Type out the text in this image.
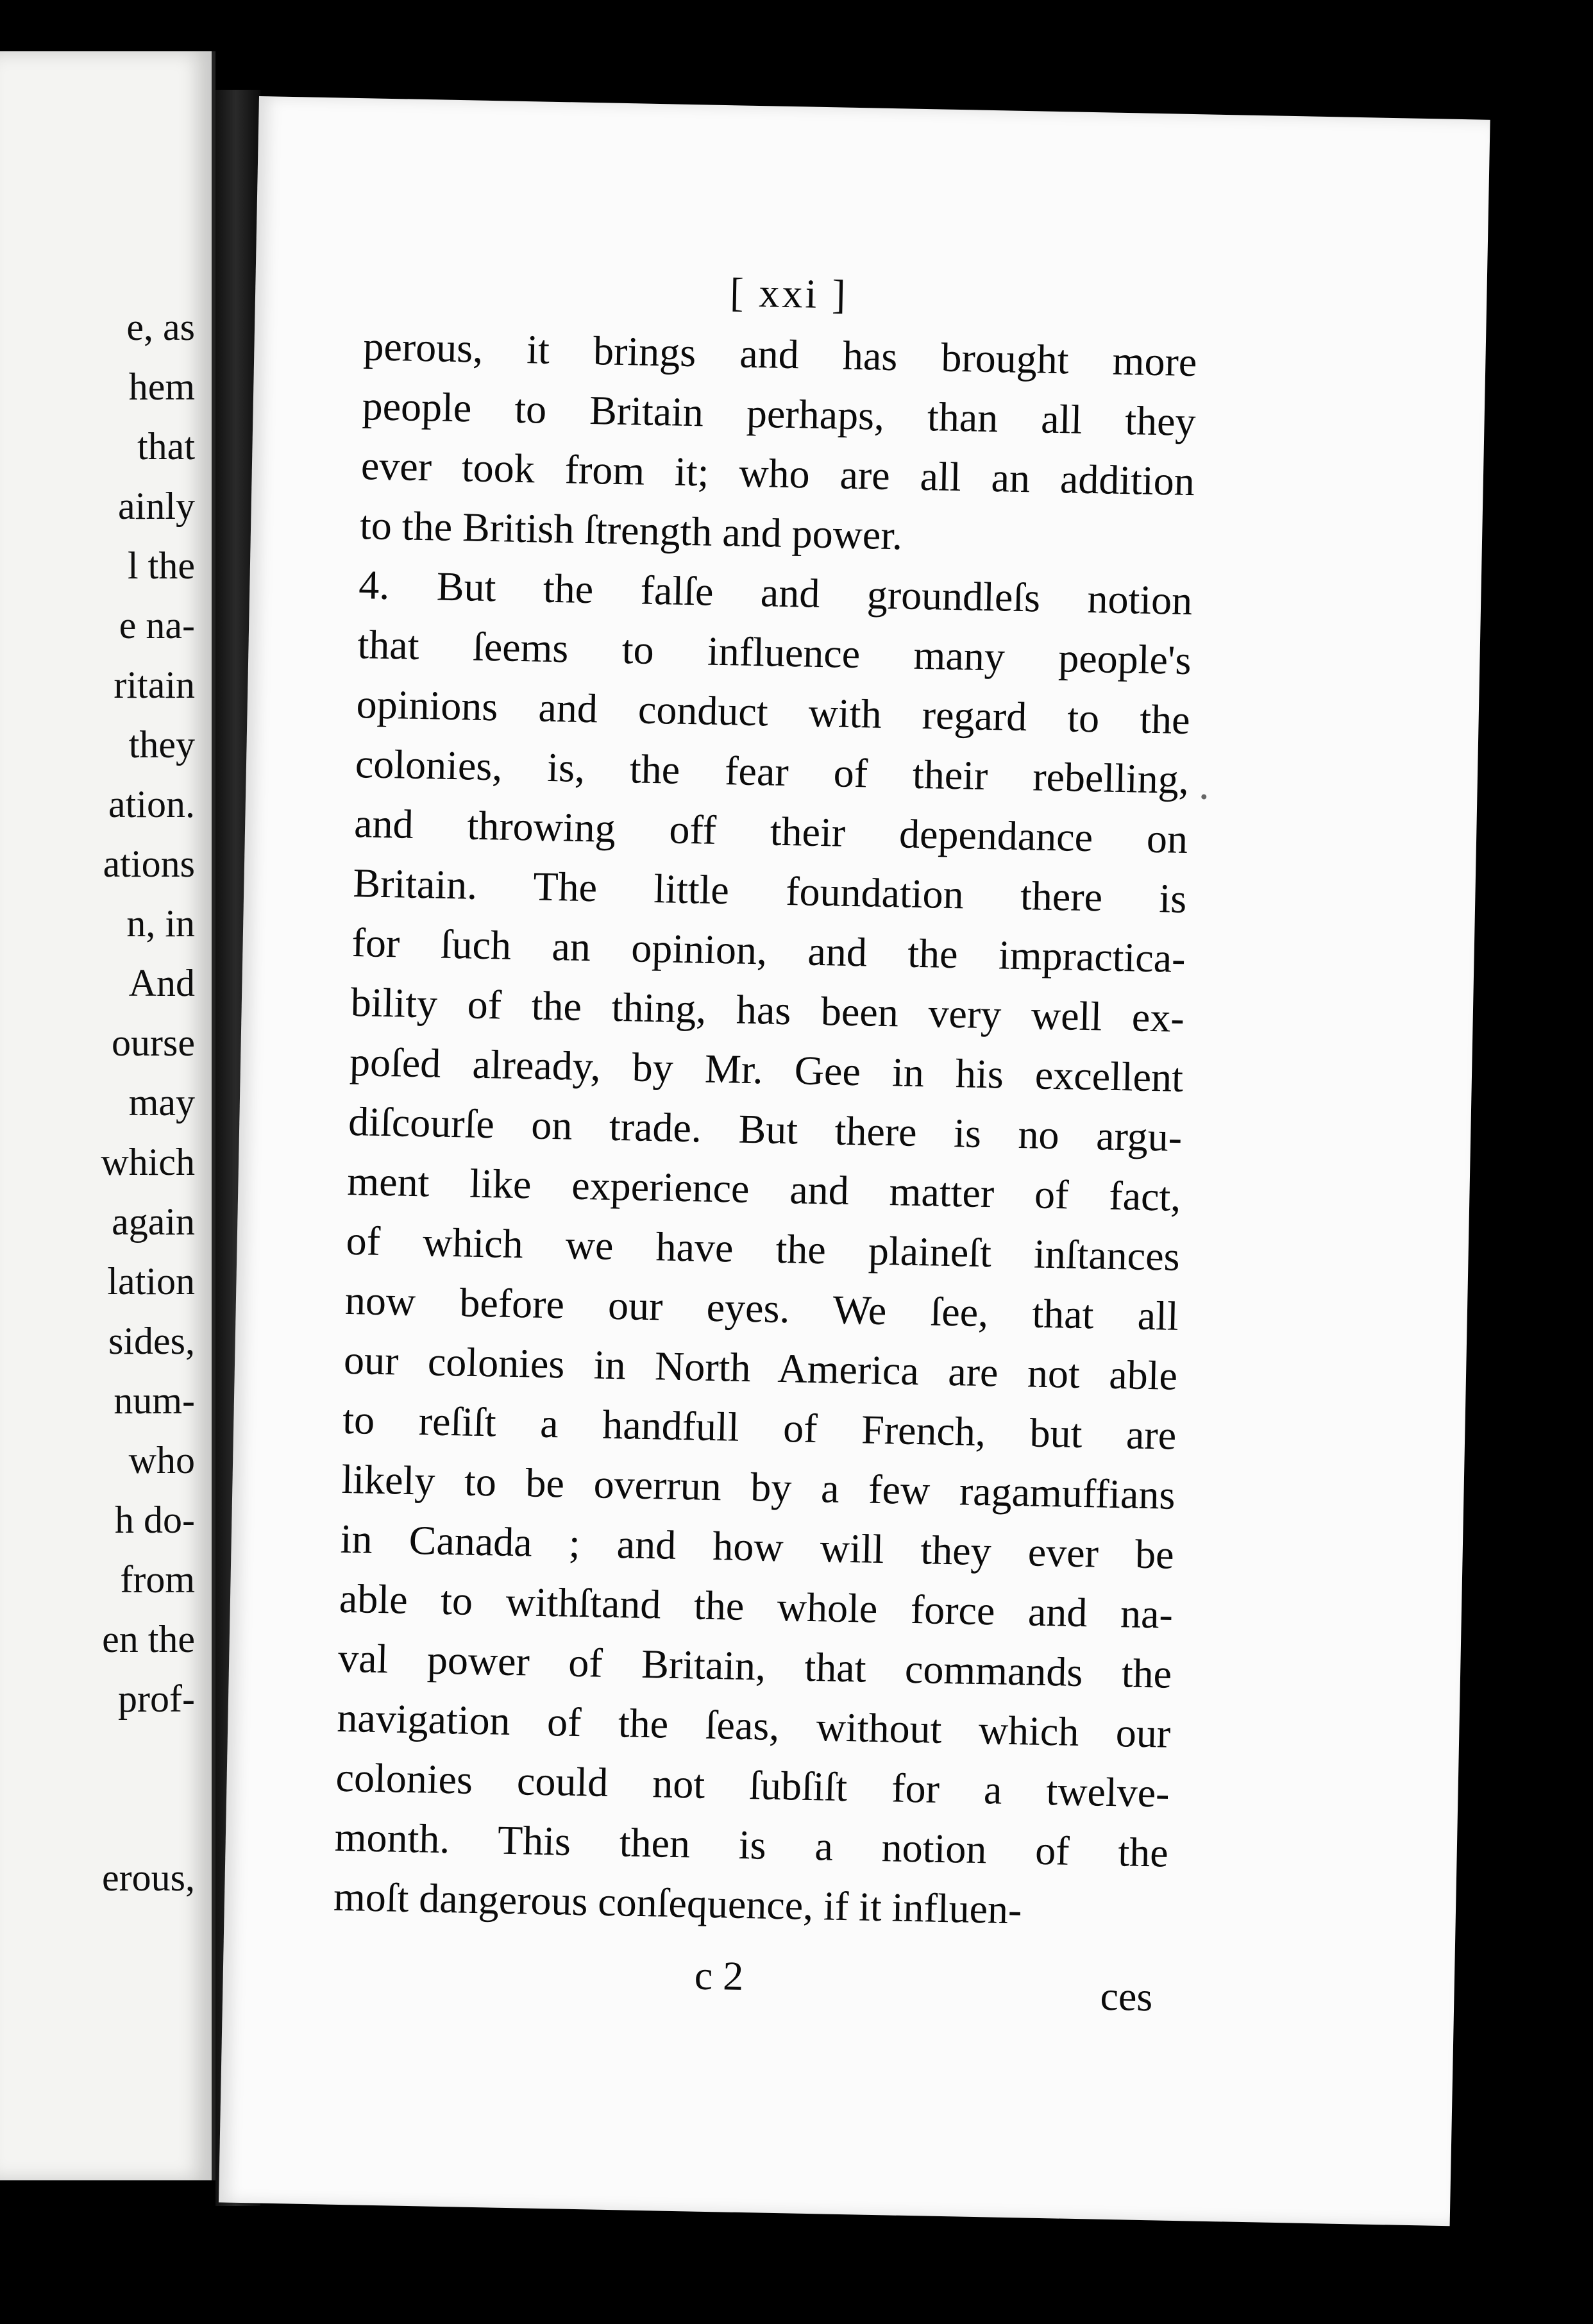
e, as
hem
that
ainly
l the
e na-
ritain
they
ation.
ations
n, in
And
ourse
may
which
again
lation
sides,
num-
who
h do-
from
en the
prof-
erous,
[ xxi ]
perous, it brings and has brought more
people to Britain perhaps, than all they
ever took from it; who are all an addition
to the British ſtrength and power.
4. But the falſe and groundleſs notion
that ſeems to influence many people's
opinions and conduct with regard to the
colonies, is, the fear of their rebelling,
and throwing off their dependance on
Britain. The little foundation there is
for ſuch an opinion, and the impractica-
bility of the thing, has been very well ex-
poſed already, by Mr. Gee in his excellent
diſcourſe on trade. But there is no argu-
ment like experience and matter of fact,
of which we have the plaineſt inſtances
now before our eyes. We ſee, that all
our colonies in North America are not able
to reſiſt a handfull of French, but are
likely to be overrun by a few ragamuffians
in Canada ; and how will they ever be
able to withſtand the whole force and na-
val power of Britain, that commands the
navigation of the ſeas, without which our
colonies could not ſubſiſt for a twelve-
month. This then is a notion of the
moſt dangerous conſequence, if it influen-
c 2	ces
